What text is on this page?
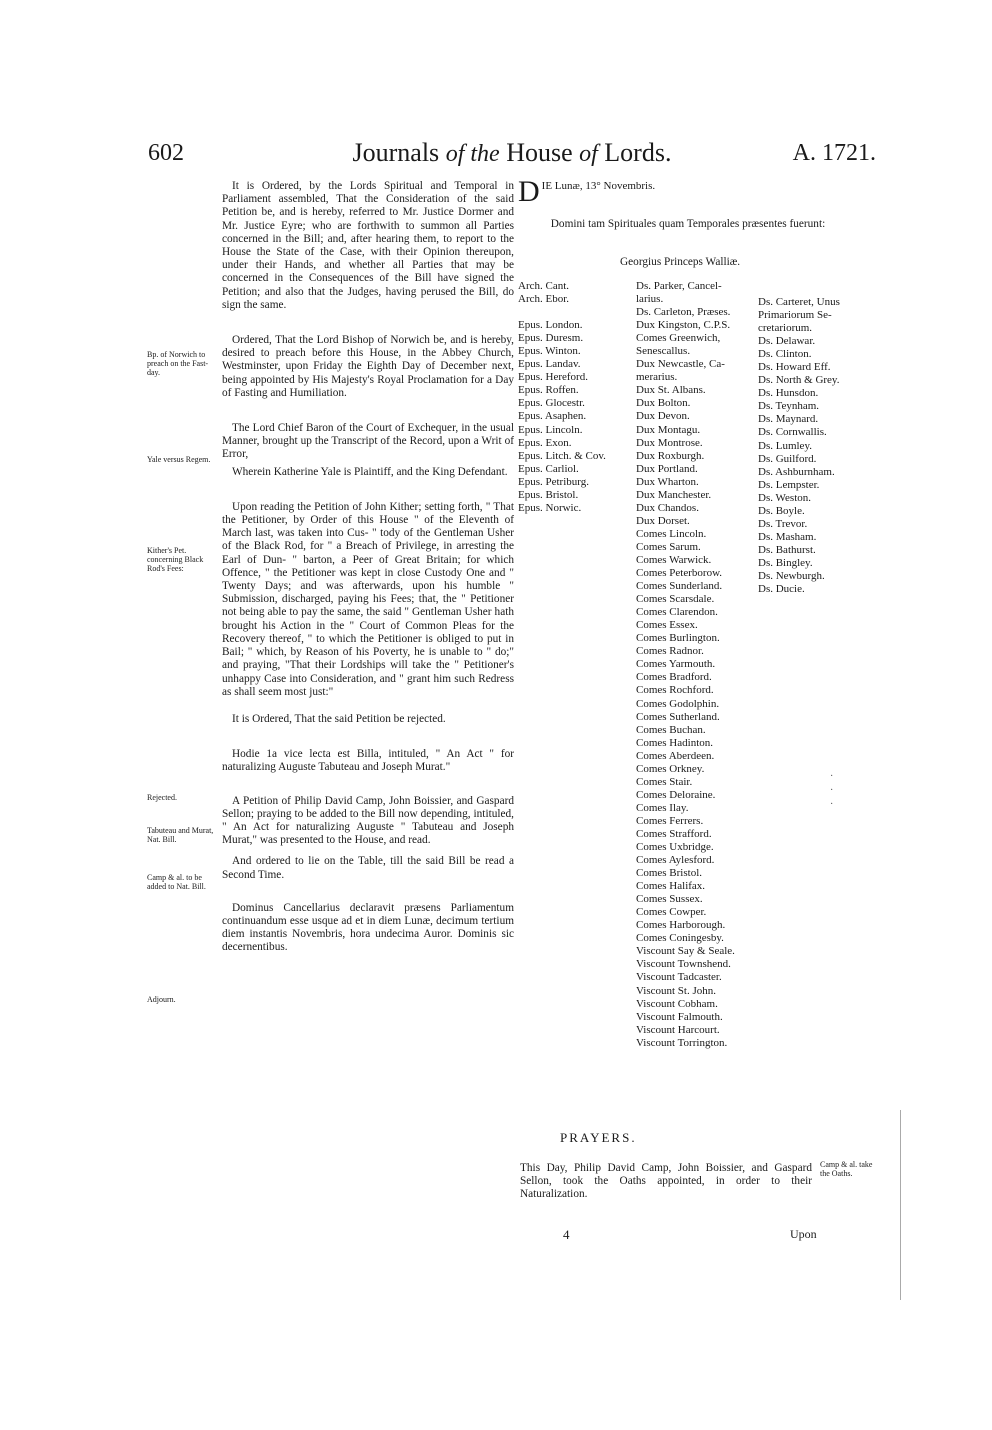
602	Journals of the House of Lords.	A. 1721.

It is Ordered, by the Lords Spiritual and Temporal in Parliament assembled, That the Consideration of the said Petition be, and is hereby, referred to Mr. Justice Dormer and Mr. Justice Eyre; who are forthwith to summon all Parties concerned in the Bill; and, after hearing them, to report to the House the State of the Case, with their Opinion thereupon, under their Hands, and whether all Parties that may be concerned in the Consequences of the Bill have signed the Petition; and also that the Judges, having perused the Bill, do sign the same.

Ordered, That the Lord Bishop of Norwich be, and is hereby, desired to preach before this House, in the Abbey Church, Westminster, upon Friday the Eighth Day of December next, being appointed by His Majesty's Royal Proclamation for a Day of Fasting and Humiliation.

The Lord Chief Baron of the Court of Exchequer, in the usual Manner, brought up the Transcript of the Record, upon a Writ of Error,

Wherein Katherine Yale is Plaintiff, and the King Defendant.

Upon reading the Petition of John Kither; setting forth, " That the Petitioner, by Order of this House " of the Eleventh of March last, was taken into Cus- " tody of the Gentleman Usher of the Black Rod, for " a Breach of Privilege, in arresting the Earl of Dun- " barton, a Peer of Great Britain; for which Offence, " the Petitioner was kept in close Custody One and " Twenty Days; and was afterwards, upon his humble " Submission, discharged, paying his Fees; that, the " Petitioner not being able to pay the same, the said " Gentleman Usher hath brought his Action in the " Court of Common Pleas for the Recovery thereof, " to which the Petitioner is obliged to put in Bail; " which, by Reason of his Poverty, he is unable to " do;" and praying, "That their Lordships will take the " Petitioner's unhappy Case into Consideration, and " grant him such Redress as shall seem most just:"

It is Ordered, That the said Petition be rejected.

Hodie 1a vice lecta est Billa, intituled, " An Act " for naturalizing Auguste Tabuteau and Joseph Murat."

A Petition of Philip David Camp, John Boissier, and Gaspard Sellon; praying to be added to the Bill now depending, intituled, " An Act for naturalizing Auguste " Tabuteau and Joseph Murat," was presented to the House, and read.

And ordered to lie on the Table, till the said Bill be read a Second Time.

Dominus Cancellarius declaravit præsens Parliamentum continuandum esse usque ad et in diem Lunæ, decimum tertium diem instantis Novembris, hora undecima Auror. Dominis sic decernentibus.

Bp. of Norwich to preach on the Fast-day.
Yale versus Regem.
Kither's Pet. concerning Black Rod's Fees:
Rejected.
Tabuteau and Murat, Nat. Bill.
Camp & al. to be added to Nat. Bill.
Adjourn.
D IE Lunæ, 13° Novembris.
Domini tam Spirituales quam Temporales præsentes fuerunt:
Georgius Princeps Walliæ.
Arch. Cant.
Arch. Ebor.

Epus. London.
Epus. Duresm.
Epus. Winton.
Epus. Landav.
Epus. Hereford.
Epus. Roffen.
Epus. Glocestr.
Epus. Asaphen.
Epus. Lincoln.
Epus. Exon.
Epus. Litch. & Cov.
Epus. Carliol.
Epus. Petriburg.
Epus. Bristol.
Epus. Norwic.
Ds. Parker, Cancel-
larius.
Ds. Carleton, Præses.
Dux Kingston, C.P.S.
Comes Greenwich,
Senescallus.
Dux Newcastle, Ca-
merarius.
Dux St. Albans.
Dux Bolton.
Dux Devon.
Dux Montagu.
Dux Montrose.
Dux Roxburgh.
Dux Portland.
Dux Wharton.
Dux Manchester.
Dux Chandos.
Dux Dorset.
Comes Lincoln.
Comes Sarum.
Comes Warwick.
Comes Peterborow.
Comes Sunderland.
Comes Scarsdale.
Comes Clarendon.
Comes Essex.
Comes Burlington.
Comes Radnor.
Comes Yarmouth.
Comes Bradford.
Comes Rochford.
Comes Godolphin.
Comes Sutherland.
Comes Buchan.
Comes Hadinton.
Comes Aberdeen.
Comes Orkney.
Comes Stair.
Comes Deloraine.
Comes Ilay.
Comes Ferrers.
Comes Strafford.
Comes Uxbridge.
Comes Aylesford.
Comes Bristol.
Comes Halifax.
Comes Sussex.
Comes Cowper.
Comes Harborough.
Comes Coningesby.
Viscount Say & Seale.
Viscount Townshend.
Viscount Tadcaster.
Viscount St. John.
Viscount Cobham.
Viscount Falmouth.
Viscount Harcourt.
Viscount Torrington.
Ds. Carteret, Unus
Primariorum Se-
cretariorum.
Ds. Delawar.
Ds. Clinton.
Ds. Howard Eff.
Ds. North & Grey.
Ds. Hunsdon.
Ds. Teynham.
Ds. Maynard.
Ds. Cornwallis.
Ds. Lumley.
Ds. Guilford.
Ds. Ashburnham.
Ds. Lempster.
Ds. Weston.
Ds. Boyle.
Ds. Trevor.
Ds. Masham.
Ds. Bathurst.
Ds. Bingley.
Ds. Newburgh.
Ds. Ducie.
·
·
·
PRAYERS.
This Day, Philip David Camp, John Boissier, and Gaspard Sellon, took the Oaths appointed, in order to their Naturalization.
Camp & al. take the Oaths.
4	Upon
